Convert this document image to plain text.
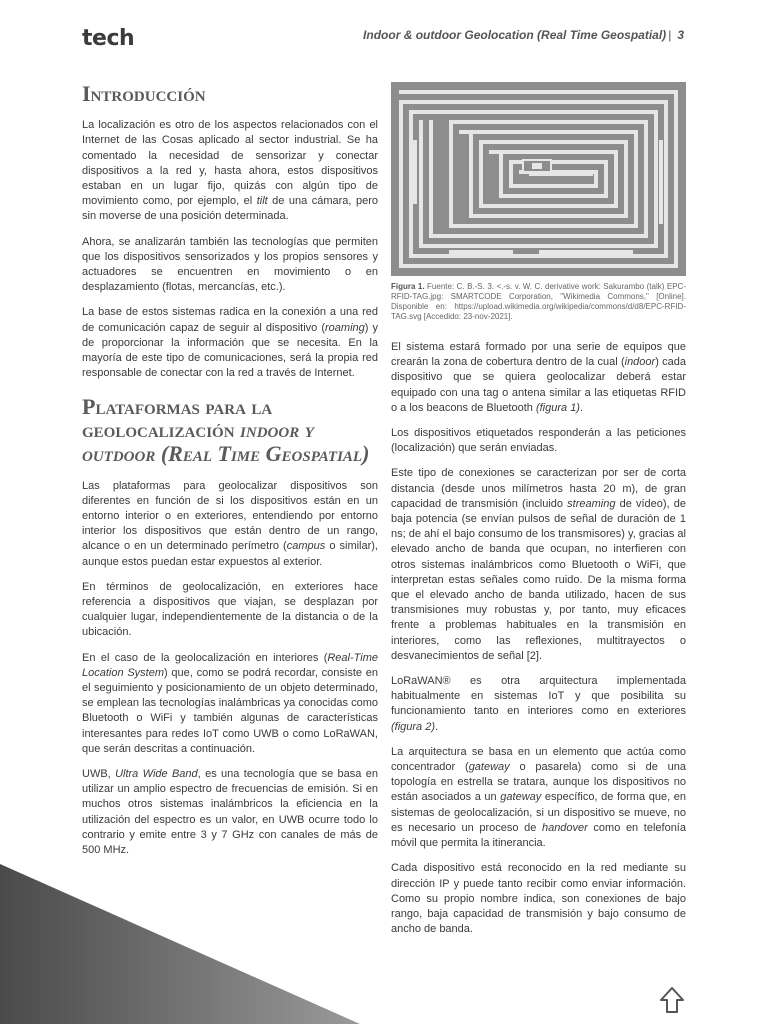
tech	Indoor & outdoor Geolocation (Real Time Geospatial) | 3
Introducción

La localización es otro de los aspectos relacionados con el Internet de las Cosas aplicado al sector industrial. Se ha comentado la necesidad de sensorizar y conectar dispositivos a la red y, hasta ahora, estos dispositivos estaban en un lugar fijo, quizás con algún tipo de movimiento como, por ejemplo, el tilt de una cámara, pero sin moverse de una posición determinada.

Ahora, se analizarán también las tecnologías que permiten que los dispositivos sensorizados y los propios sensores y actuadores se encuentren en movimiento o en desplazamiento (flotas, mercancías, etc.).

La base de estos sistemas radica en la conexión a una red de comunicación capaz de seguir al dispositivo (roaming) y de proporcionar la información que se necesita. En la mayoría de este tipo de comunicaciones, será la propia red responsable de conectar con la red a través de Internet.

Plataformas para la geolocalización indoor y outdoor (Real Time Geospatial)

Las plataformas para geolocalizar dispositivos son diferentes en función de si los dispositivos están en un entorno interior o en exteriores, entendiendo por entorno interior los dispositivos que están dentro de un rango, alcance o en un determinado perímetro (campus o similar), aunque estos puedan estar expuestos al exterior.

En términos de geolocalización, en exteriores hace referencia a dispositivos que viajan, se desplazan por cualquier lugar, independientemente de la distancia o de la ubicación.

En el caso de la geolocalización en interiores (Real-Time Location System) que, como se podrá recordar, consiste en el seguimiento y posicionamiento de un objeto determinado, se emplean las tecnologías inalámbricas ya conocidas como Bluetooth o WiFi y también algunas de características interesantes para redes IoT como UWB o como LoRaWAN, que serán descritas a continuación.

UWB, Ultra Wide Band, es una tecnología que se basa en utilizar un amplio espectro de frecuencias de emisión. Si en muchos otros sistemas inalámbricos la eficiencia en la utilización del espectro es un valor, en UWB ocurre todo lo contrario y emite entre 3 y 7 GHz con canales de más de 500 MHz.

Figura 1. Fuente: C. B.-S. 3. <.-s. v. W. C. derivative work: Sakurambo (talk) EPC-RFID-TAG.jpg: SMARTCODE Corporation, "Wikimedia Commons," [Online]. Disponible en: https://upload.wikimedia.org/wikipedia/commons/d/d8/EPC-RFID-TAG.svg [Accedido: 23-nov-2021].

El sistema estará formado por una serie de equipos que crearán la zona de cobertura dentro de la cual (indoor) cada dispositivo que se quiera geolocalizar deberá estar equipado con una tag o antena similar a las etiquetas RFID o a los beacons de Bluetooth (figura 1).

Los dispositivos etiquetados responderán a las peticiones (localización) que serán enviadas.

Este tipo de conexiones se caracterizan por ser de corta distancia (desde unos milímetros hasta 20 m), de gran capacidad de transmisión (incluido streaming de vídeo), de baja potencia (se envían pulsos de señal de duración de 1 ns; de ahí el bajo consumo de los transmisores) y, gracias al elevado ancho de banda que ocupan, no interfieren con otros sistemas inalámbricos como Bluetooth o WiFi, que interpretan estas señales como ruido. De la misma forma que el elevado ancho de banda utilizado, hacen de sus transmisiones muy robustas y, por tanto, muy eficaces frente a problemas habituales en la transmisión en interiores, como las reflexiones, multitrayectos o desvanecimientos de señal [2].

LoRaWAN® es otra arquitectura implementada habitualmente en sistemas IoT y que posibilita su funcionamiento tanto en interiores como en exteriores (figura 2).

La arquitectura se basa en un elemento que actúa como concentrador (gateway o pasarela) como si de una topología en estrella se tratara, aunque los dispositivos no están asociados a un gateway específico, de forma que, en sistemas de geolocalización, si un dispositivo se mueve, no es necesario un proceso de handover como en telefonía móvil que permita la itinerancia.

Cada dispositivo está reconocido en la red mediante su dirección IP y puede tanto recibir como enviar información. Como su propio nombre indica, son conexiones de bajo rango, baja capacidad de transmisión y bajo consumo de ancho de banda.
